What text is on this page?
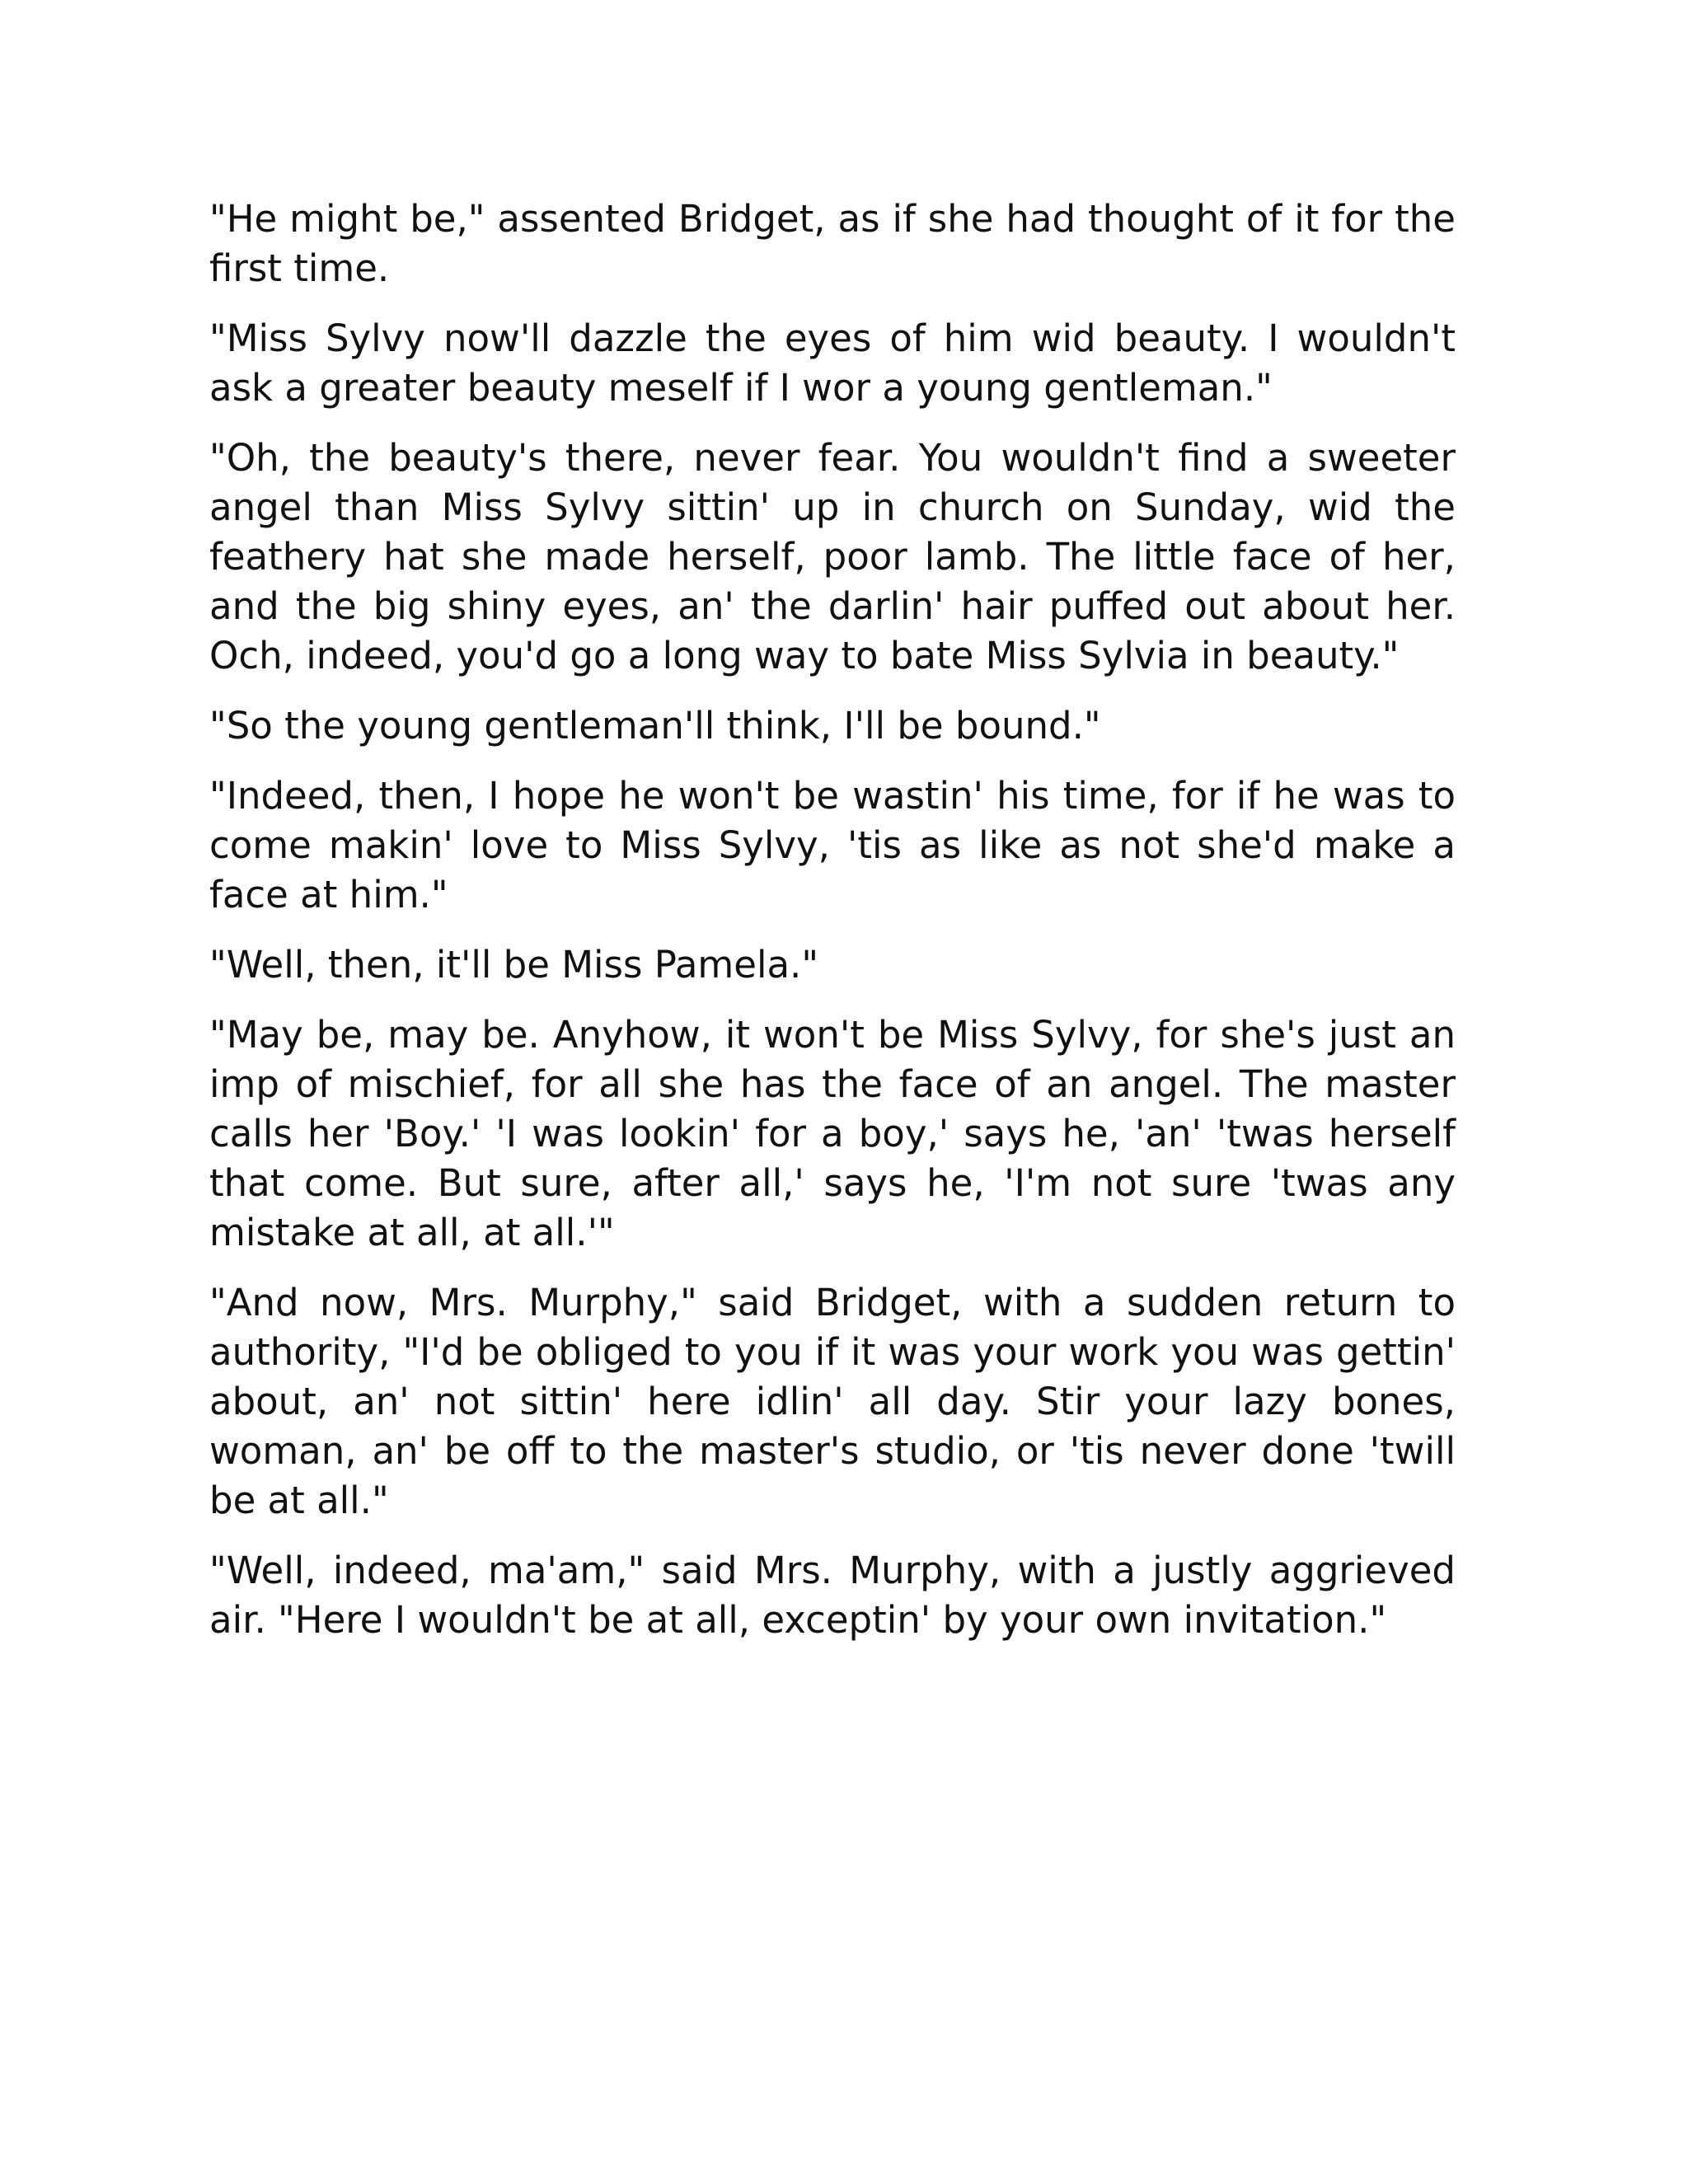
"He might be," assented Bridget, as if she had thought of it for the first time.

"Miss Sylvy now'll dazzle the eyes of him wid beauty. I wouldn't ask a greater beauty meself if I wor a young gentleman."

"Oh, the beauty's there, never fear. You wouldn't find a sweeter angel than Miss Sylvy sittin' up in church on Sunday, wid the feathery hat she made herself, poor lamb. The little face of her, and the big shiny eyes, an' the darlin' hair puffed out about her. Och, indeed, you'd go a long way to bate Miss Sylvia in beauty."

"So the young gentleman'll think, I'll be bound."

"Indeed, then, I hope he won't be wastin' his time, for if he was to come makin' love to Miss Sylvy, 'tis as like as not she'd make a face at him."

"Well, then, it'll be Miss Pamela."

"May be, may be. Anyhow, it won't be Miss Sylvy, for she's just an imp of mischief, for all she has the face of an angel. The master calls her 'Boy.' 'I was lookin' for a boy,' says he, 'an' 'twas herself that come. But sure, after all,' says he, 'I'm not sure 'twas any mistake at all, at all.'"

"And now, Mrs. Murphy," said Bridget, with a sudden return to authority, "I'd be obliged to you if it was your work you was gettin' about, an' not sittin' here idlin' all day. Stir your lazy bones, woman, an' be off to the master's studio, or 'tis never done 'twill be at all."

"Well, indeed, ma'am," said Mrs. Murphy, with a justly aggrieved air. "Here I wouldn't be at all, exceptin' by your own invitation."
